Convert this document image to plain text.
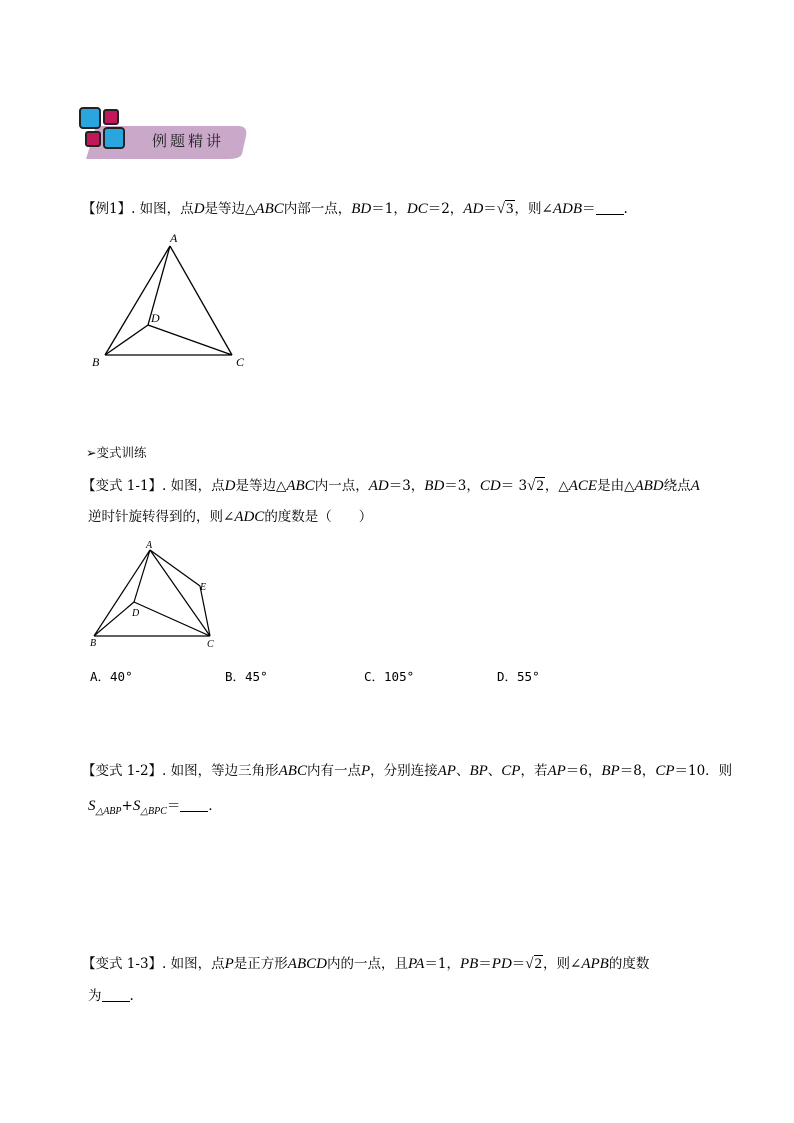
例题精讲
【例1】. 如图，点D是等边△ABC内部一点，BD＝1，DC＝2，AD＝√3，则∠ADB＝ .
A
B	C
D
➢变式训练
【变式 1-1】. 如图，点D是等边△ABC内一点，AD＝3，BD＝3，CD＝ 3√2，△ACE是由△ABD绕点A
逆时针旋转得到的，则∠ADC的度数是（　　）
A
B	C
D
E
A．40°	B．45°	C．105°	D．55°
【变式 1-2】. 如图，等边三角形ABC内有一点P，分别连接AP、BP、CP，若AP＝6，BP＝8，CP＝10．则
$S_{\triangle ABP}+S_{\triangle BPC}=$ ．
【变式 1-3】. 如图，点P是正方形ABCD内的一点，且PA＝1，PB＝PD＝√2，则∠APB的度数
为 .
